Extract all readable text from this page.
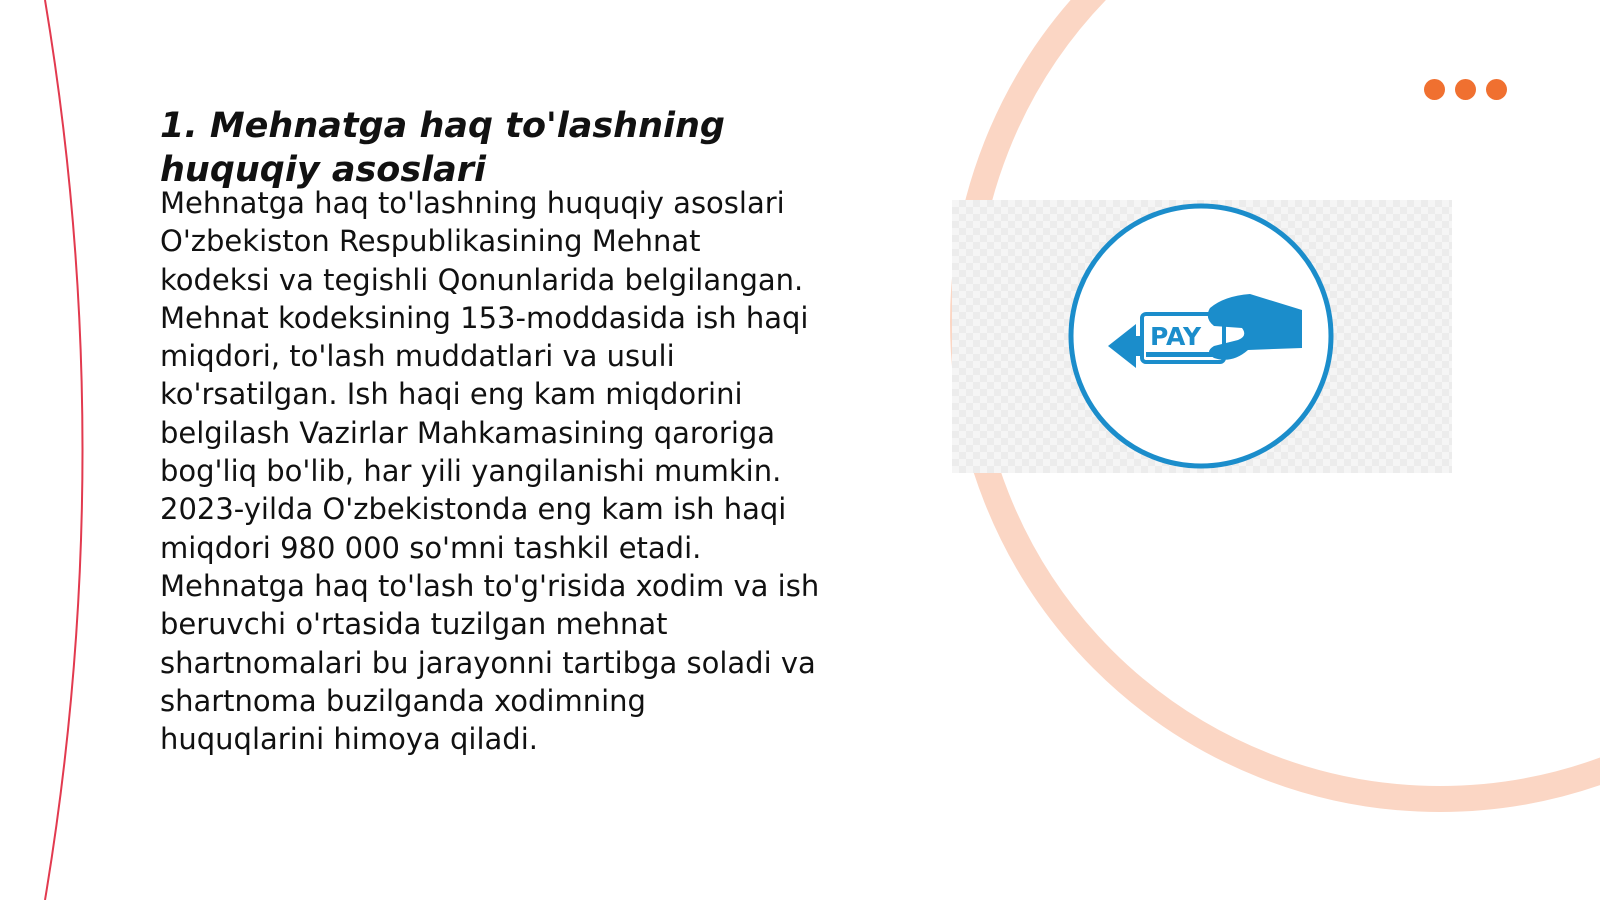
1. Mehnatga haq to'lashning huquqiy asoslari

Mehnatga haq to'lashning huquqiy asoslari
O'zbekiston Respublikasining Mehnat
kodeksi va tegishli Qonunlarida belgilangan.
Mehnat kodeksining 153-moddasida ish haqi
miqdori, to'lash muddatlari va usuli
ko'rsatilgan. Ish haqi eng kam miqdorini
belgilash Vazirlar Mahkamasining qaroriga
bog'liq bo'lib, har yili yangilanishi mumkin.
2023-yilda O'zbekistonda eng kam ish haqi
miqdori 980 000 so'mni tashkil etadi.
Mehnatga haq to'lash to'g'risida xodim va ish
beruvchi o'rtasida tuzilgan mehnat
shartnomalari bu jarayonni tartibga soladi va
shartnoma buzilganda xodimning
huquqlarini himoya qiladi.

PAY
